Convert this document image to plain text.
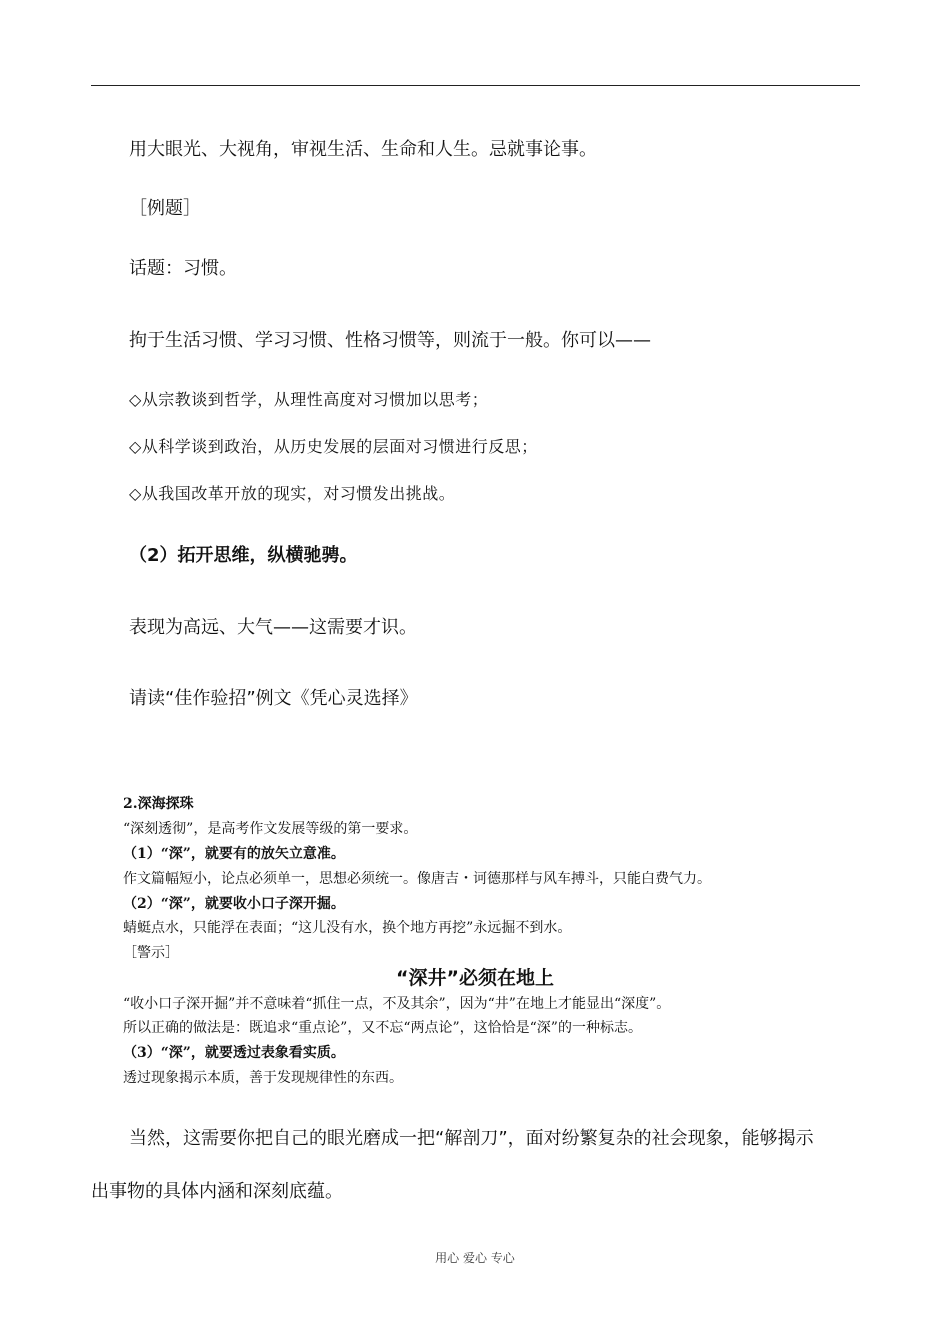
用大眼光、大视角，审视生活、生命和人生。忌就事论事。
［例题］
话题：习惯。
拘于生活习惯、学习习惯、性格习惯等，则流于一般。你可以——
◇从宗教谈到哲学，从理性高度对习惯加以思考；
◇从科学谈到政治，从历史发展的层面对习惯进行反思；
◇从我国改革开放的现实，对习惯发出挑战。
（2）拓开思维，纵横驰骋。
表现为高远、大气——这需要才识。
请读“佳作验招”例文《凭心灵选择》
2.深海探珠
“深刻透彻”，是高考作文发展等级的第一要求。
（1）“深”，就要有的放矢立意准。
作文篇幅短小，论点必须单一，思想必须统一。像唐吉・诃德那样与风车搏斗，只能白费气力。
（2）“深”，就要收小口子深开掘。
蜻蜓点水，只能浮在表面；“这儿没有水，换个地方再挖”永远掘不到水。
［警示］
“深井”必须在地上
“收小口子深开掘”并不意味着“抓住一点，不及其余”，因为“井”在地上才能显出“深度”。
所以正确的做法是：既追求“重点论”，又不忘“两点论”，这恰恰是“深”的一种标志。
（3）“深”，就要透过表象看实质。
透过现象揭示本质，善于发现规律性的东西。
当然，这需要你把自己的眼光磨成一把“解剖刀”，面对纷繁复杂的社会现象，能够揭示
出事物的具体内涵和深刻底蕴。
用心 爱心 专心
